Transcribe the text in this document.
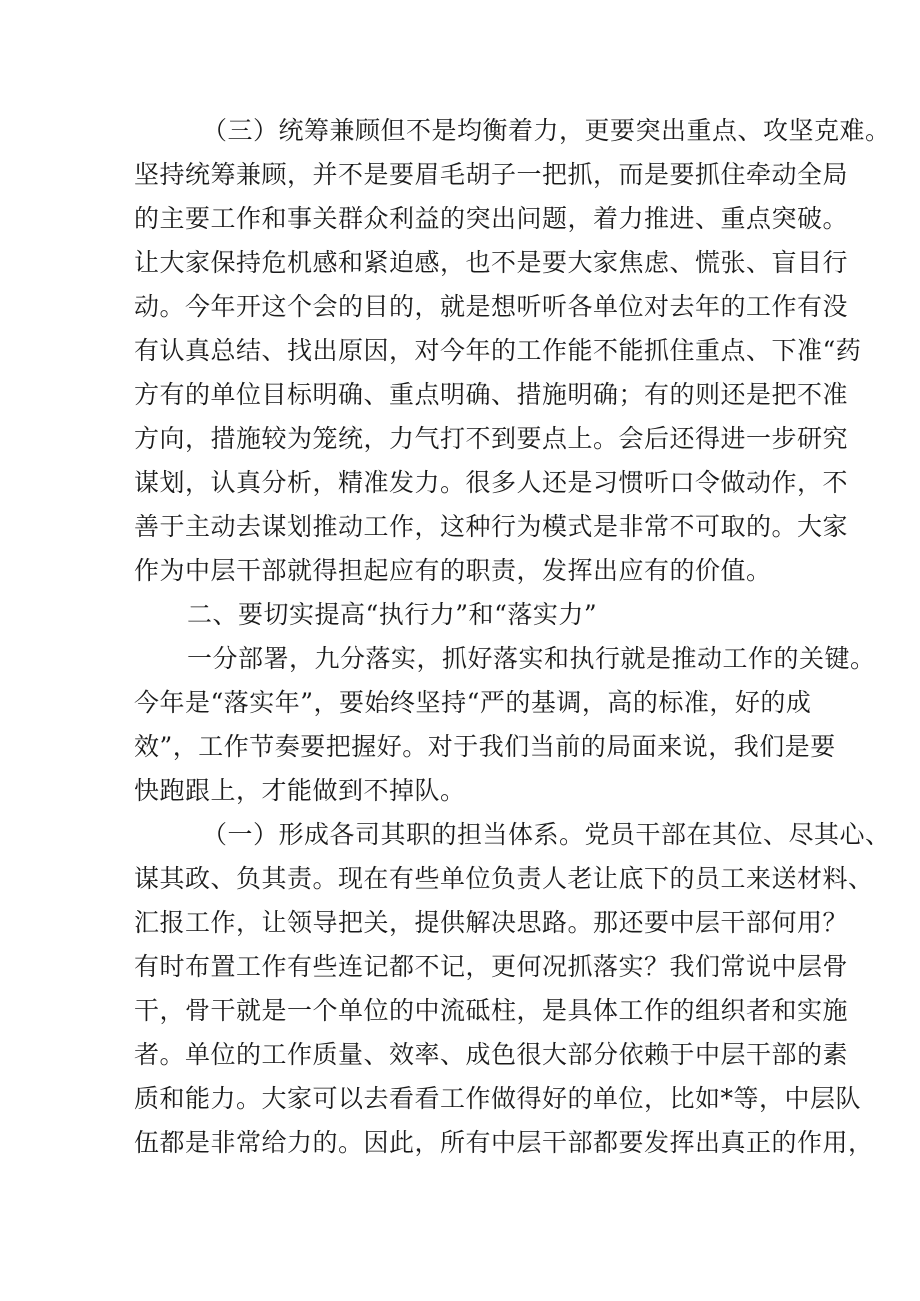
（三）统筹兼顾但不是均衡着力，更要突出重点、攻坚克难。
坚持统筹兼顾，并不是要眉毛胡子一把抓，而是要抓住牵动全局
的主要工作和事关群众利益的突出问题，着力推进、重点突破。
让大家保持危机感和紧迫感，也不是要大家焦虑、慌张、盲目行
动。今年开这个会的目的，就是想听听各单位对去年的工作有没
有认真总结、找出原因，对今年的工作能不能抓住重点、下准“药
方有的单位目标明确、重点明确、措施明确；有的则还是把不准
方向，措施较为笼统，力气打不到要点上。会后还得进一步研究
谋划，认真分析，精准发力。很多人还是习惯听口令做动作，不
善于主动去谋划推动工作，这种行为模式是非常不可取的。大家
作为中层干部就得担起应有的职责，发挥出应有的价值。
二、要切实提高“执行力”和“落实力”
一分部署，九分落实，抓好落实和执行就是推动工作的关键。
今年是“落实年”，要始终坚持“严的基调，高的标准，好的成
效”，工作节奏要把握好。对于我们当前的局面来说，我们是要
快跑跟上，才能做到不掉队。
（一）形成各司其职的担当体系。党员干部在其位、尽其心、
谋其政、负其责。现在有些单位负责人老让底下的员工来送材料、
汇报工作，让领导把关，提供解决思路。那还要中层干部何用？
有时布置工作有些连记都不记，更何况抓落实？我们常说中层骨
干，骨干就是一个单位的中流砥柱，是具体工作的组织者和实施
者。单位的工作质量、效率、成色很大部分依赖于中层干部的素
质和能力。大家可以去看看工作做得好的单位，比如*等，中层队
伍都是非常给力的。因此，所有中层干部都要发挥出真正的作用，
